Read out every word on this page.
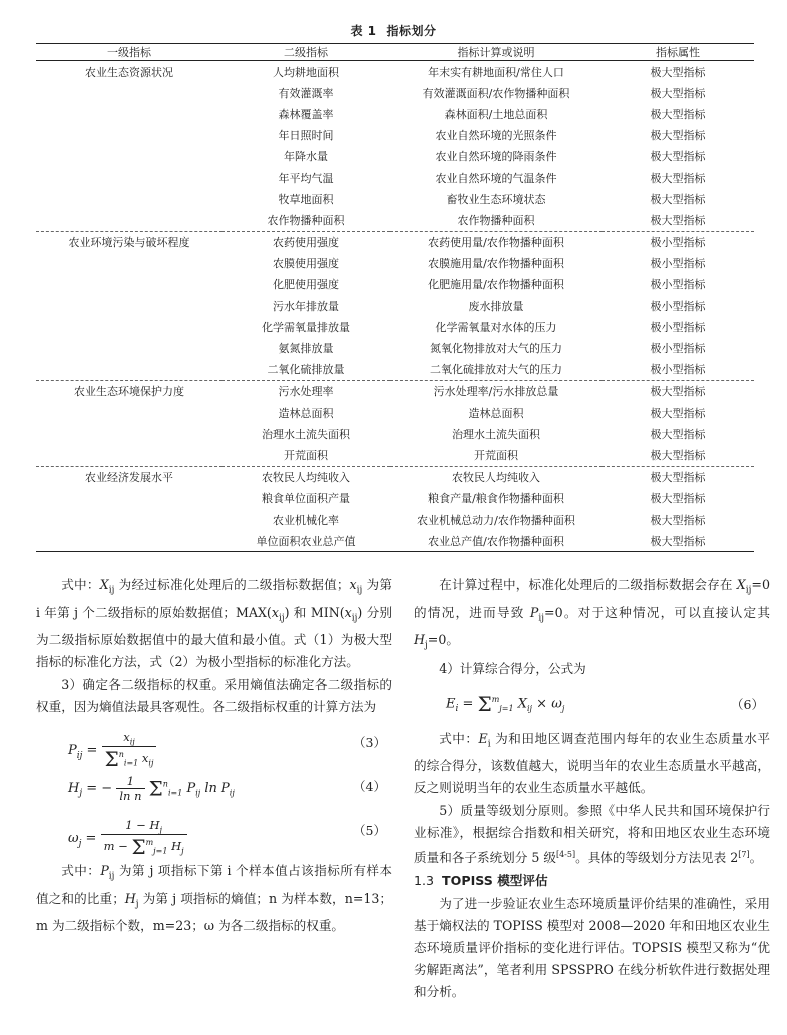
表 1 指标划分
一级指标	二级指标	指标计算或说明	指标属性
农业生态资源状况	人均耕地面积	年末实有耕地面积/常住人口	极大型指标
	有效灌溉率	有效灌溉面积/农作物播种面积	极大型指标
	森林覆盖率	森林面积/土地总面积	极大型指标
	年日照时间	农业自然环境的光照条件	极大型指标
	年降水量	农业自然环境的降雨条件	极大型指标
	年平均气温	农业自然环境的气温条件	极大型指标
	牧草地面积	畜牧业生态环境状态	极大型指标
	农作物播种面积	农作物播种面积	极大型指标
农业环境污染与破坏程度	农药使用强度	农药使用量/农作物播种面积	极小型指标
	农膜使用强度	农膜施用量/农作物播种面积	极小型指标
	化肥使用强度	化肥施用量/农作物播种面积	极小型指标
	污水年排放量	废水排放量	极小型指标
	化学需氧量排放量	化学需氧量对水体的压力	极小型指标
	氨氮排放量	氮氧化物排放对大气的压力	极小型指标
	二氧化硫排放量	二氧化硫排放对大气的压力	极小型指标
农业生态环境保护力度	污水处理率	污水处理率/污水排放总量	极大型指标
	造林总面积	造林总面积	极大型指标
	治理水土流失面积	治理水土流失面积	极大型指标
	开荒面积	开荒面积	极大型指标
农业经济发展水平	农牧民人均纯收入	农牧民人均纯收入	极大型指标
	粮食单位面积产量	粮食产量/粮食作物播种面积	极大型指标
	农业机械化率	农业机械总动力/农作物播种面积	极大型指标
	单位面积农业总产值	农业总产值/农作物播种面积	极大型指标

式中：$X_{ij}$ 为经过标准化处理后的二级指标数据值；$x_{ij}$ 为第 i 年第 j 个二级指标的原始数据值；$MAX(x_{ij})$ 和 $MIN(x_{ij})$ 分别为二级指标原始数据值中的最大值和最小值。式（1）为极大型指标的标准化方法，式（2）为极小型指标的标准化方法。

3）确定各二级指标的权重。采用熵值法确定各二级指标的权重，因为熵值法最具客观性。各二级指标权重的计算方法为

$P_{ij} = \frac{x_{ij}}{\Sigma^n_{i=1} x_{ij}}$	（3）
$H_j$ = − $\frac{1}{\text{ln n}} \Sigma^n_{i=1}$ $P_{ij}$ $\ln P_{ij}$	（4）
$\omega_j = \frac{1 - H_j}{m - \Sigma^m_{j=1} H_j}$	（5）

式中：$P_{ij}$ 为第 j 项指标下第 i 个样本值占该指标所有样本值之和的比重；$H_j$ 为第 j 项指标的熵值；n 为样本数，n=13；m 为二级指标个数，m=23；ω 为各二级指标的权重。

在计算过程中，标准化处理后的二级指标数据会存在 $X_{ij}=0$ 的情况，进而导致 $P_{ij}=0$。对于这种情况，可以直接认定其 $H_j=0$。

4）计算综合得分，公式为

$E_i = \Sigma^m_{j=1}$ $X_{ij} \times \omega_j$	（6）

式中：$E_i$ 为和田地区调查范围内每年的农业生态质量水平的综合得分，该数值越大，说明当年的农业生态质量水平越高，反之则说明当年的农业生态质量水平越低。

5）质量等级划分原则。参照《中华人民共和国环境保护行业标准》，根据综合指数和相关研究，将和田地区农业生态环境质量和各子系统划分 5 级[4-5]。具体的等级划分方法见表 2[7]。

1.3 TOPISS 模型评估

为了进一步验证农业生态环境质量评价结果的准确性，采用基于熵权法的 TOPISS 模型对 2008—2020 年和田地区农业生态环境质量评价指标的变化进行评估。TOPSIS 模型又称为“优劣解距离法”，笔者利用 SPSSPRO 在线分析软件进行数据处理和分析。
